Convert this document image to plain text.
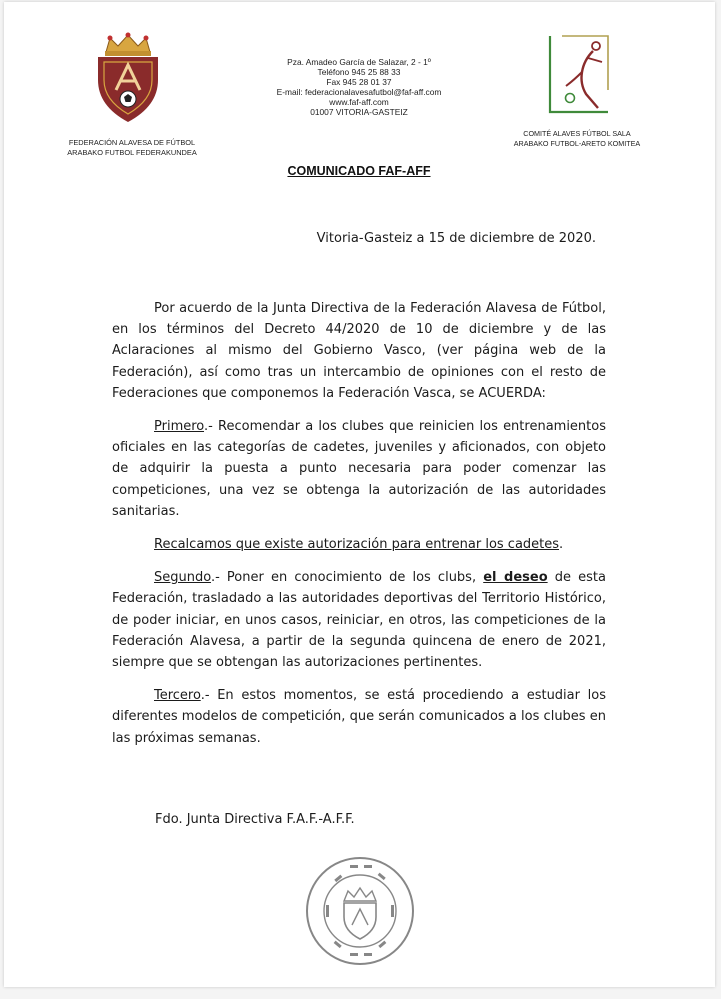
FEDERACIÓN ALAVESA DE FÚTBOL
ARABAKO FUTBOL FEDERAKUNDEA
Pza. Amadeo García de Salazar, 2 - 1º
Teléfono 945 25 88 33
Fax 945 28 01 37
E-mail: federacionalavesafutbol@faf-aff.com
www.faf-aff.com
01007 VITORIA-GASTEIZ
COMITÉ ALAVES FÚTBOL SALA
ARABAKO FUTBOL-ARETO KOMITEA
COMUNICADO FAF-AFF
Vitoria-Gasteiz a 15 de diciembre de 2020.

Por acuerdo de la Junta Directiva de la Federación Alavesa de Fútbol, en los términos del Decreto 44/2020 de 10 de diciembre y de las Aclaraciones al mismo del Gobierno Vasco, (ver página web de la Federación), así como tras un intercambio de opiniones con el resto de Federaciones que componemos la Federación Vasca, se ACUERDA:

Primero.- Recomendar a los clubes que reinicien los entrenamientos oficiales en las categorías de cadetes, juveniles y aficionados, con objeto de adquirir la puesta a punto necesaria para poder comenzar las competiciones, una vez se obtenga la autorización de las autoridades sanitarias.

Recalcamos que existe autorización para entrenar los cadetes.

Segundo.- Poner en conocimiento de los clubs, el deseo de esta Federación, trasladado a las autoridades deportivas del Territorio Histórico, de poder iniciar, en unos casos, reiniciar, en otros, las competiciones de la Federación Alavesa, a partir de la segunda quincena de enero de 2021, siempre que se obtengan las autorizaciones pertinentes.

Tercero.- En estos momentos, se está procediendo a estudiar los diferentes modelos de competición, que serán comunicados a los clubes en las próximas semanas.

Fdo. Junta Directiva F.A.F.-A.F.F.
